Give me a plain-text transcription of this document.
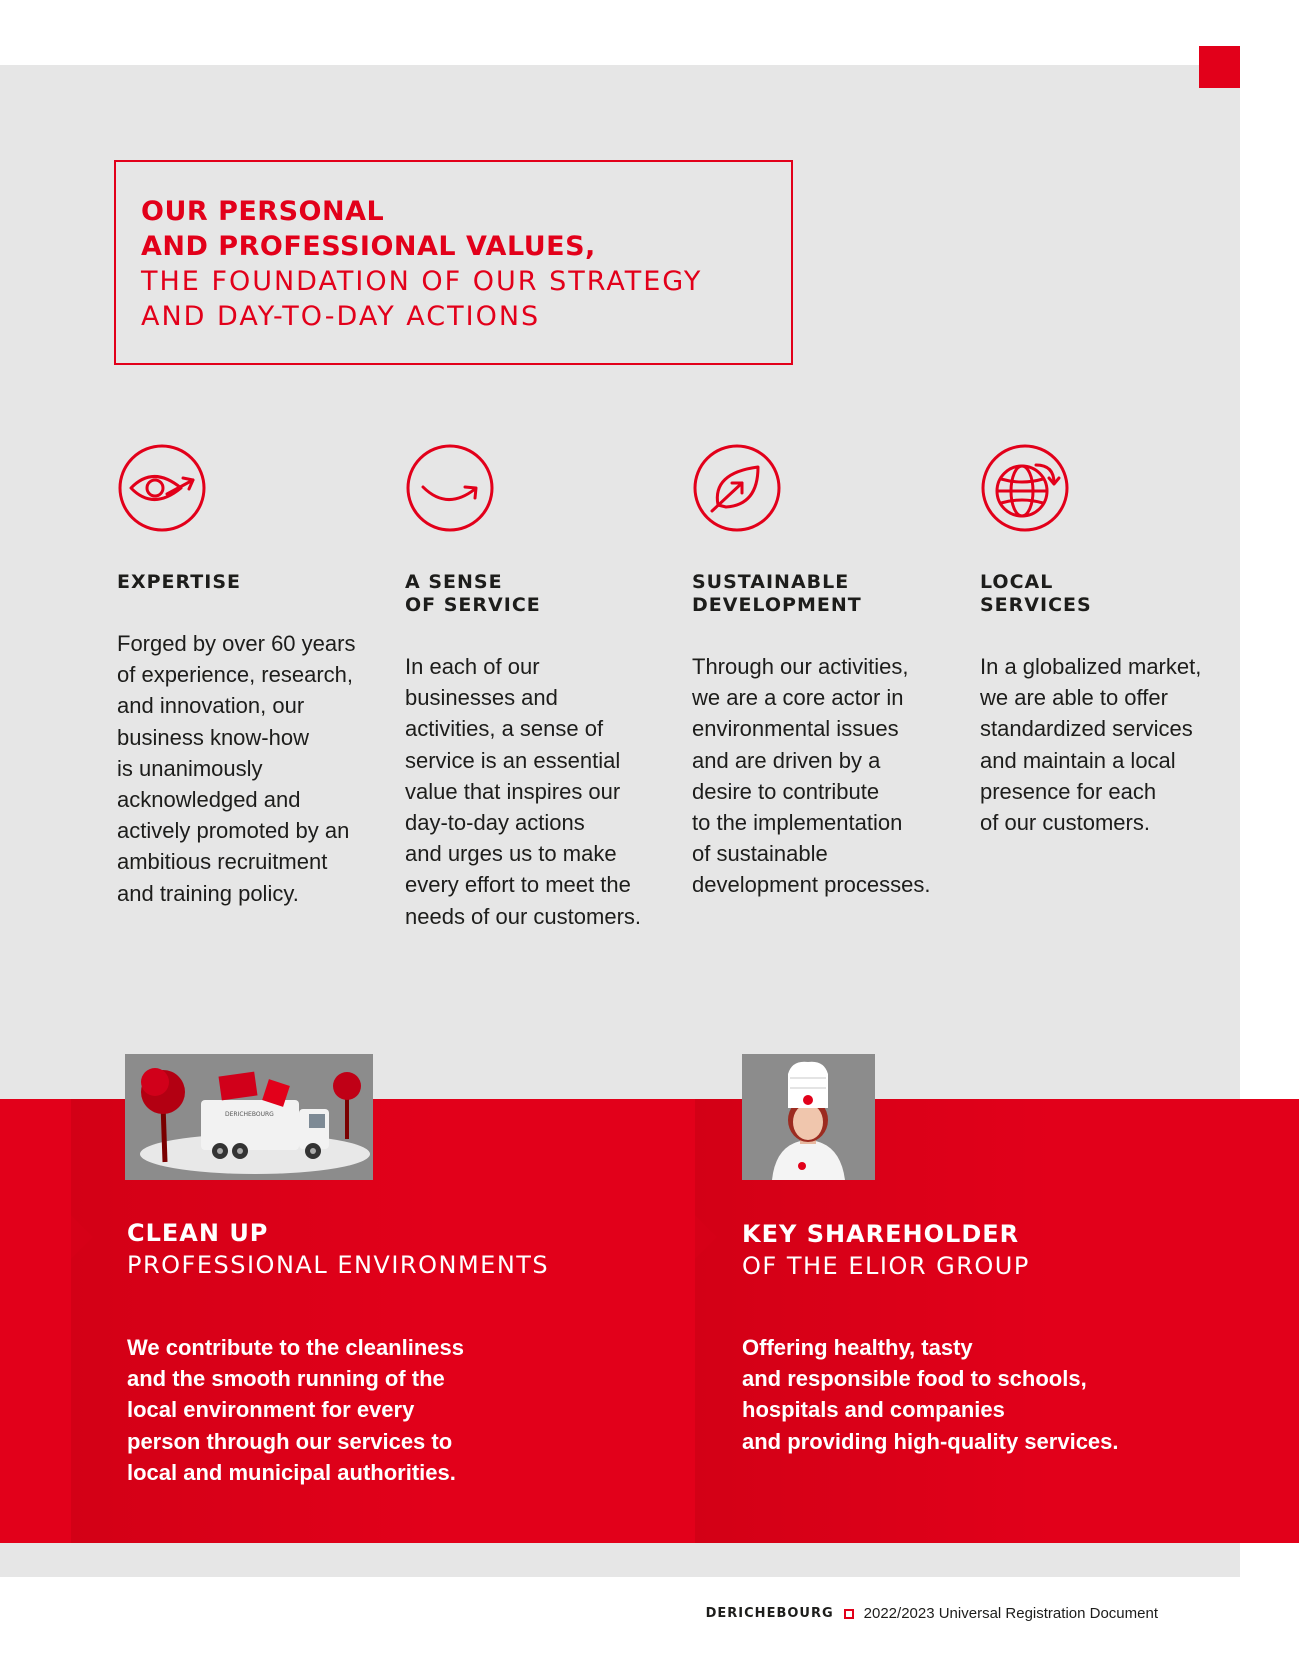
OUR PERSONAL
AND PROFESSIONAL VALUES,
THE FOUNDATION OF OUR STRATEGY
AND DAY-TO-DAY ACTIONS
EXPERTISE
Forged by over 60 years
of experience, research,
and innovation, our
business know-how
is unanimously
acknowledged and
actively promoted by an
ambitious recruitment
and training policy.
A SENSE
OF SERVICE
In each of our
businesses and
activities, a sense of
service is an essential
value that inspires our
day-to-day actions
and urges us to make
every effort to meet the
needs of our customers.
SUSTAINABLE
DEVELOPMENT
Through our activities,
we are a core actor in
environmental issues
and are driven by a
desire to contribute
to the implementation
of sustainable
development processes.
LOCAL
SERVICES
In a globalized market,
we are able to offer
standardized services
and maintain a local
presence for each
of our customers.
DERICHEBOURG
CLEAN UP
PROFESSIONAL ENVIRONMENTS
We contribute to the cleanliness
and the smooth running of the
local environment for every
person through our services to
local and municipal authorities.
KEY SHAREHOLDER
OF THE ELIOR GROUP
Offering healthy, tasty
and responsible food to schools,
hospitals and companies
and providing high-quality services.
DERICHEBOURG 2022/2023 Universal Registration Document
